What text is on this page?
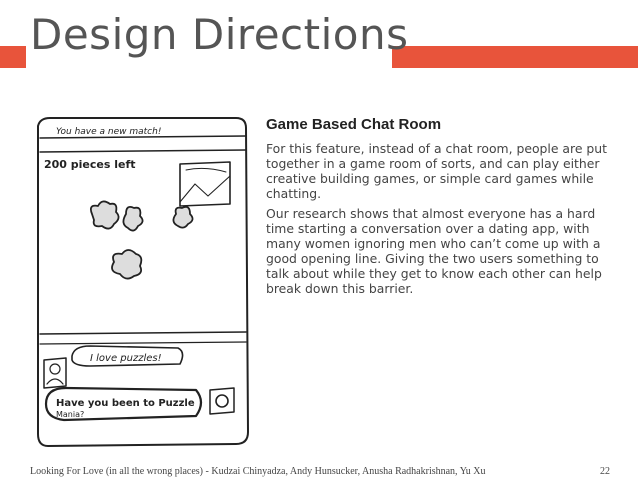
Design Directions
You have a new match!
200 pieces left
I love puzzles!
Have you been to Puzzle
Mania?
Game Based Chat Room

For this feature, instead of a chat room, people are put together in a game room of sorts, and can play either creative building games, or simple card games while chatting.

Our research shows that almost everyone has a hard time starting a conversation over a dating app, with many women ignoring men who can’t come up with a good opening line. Giving the two users something to talk about while they get to know each other can help break down this barrier.

Looking For Love (in all the wrong places) - Kudzai Chinyadza, Andy Hunsucker, Anusha Radhakrishnan, Yu Xu	22
